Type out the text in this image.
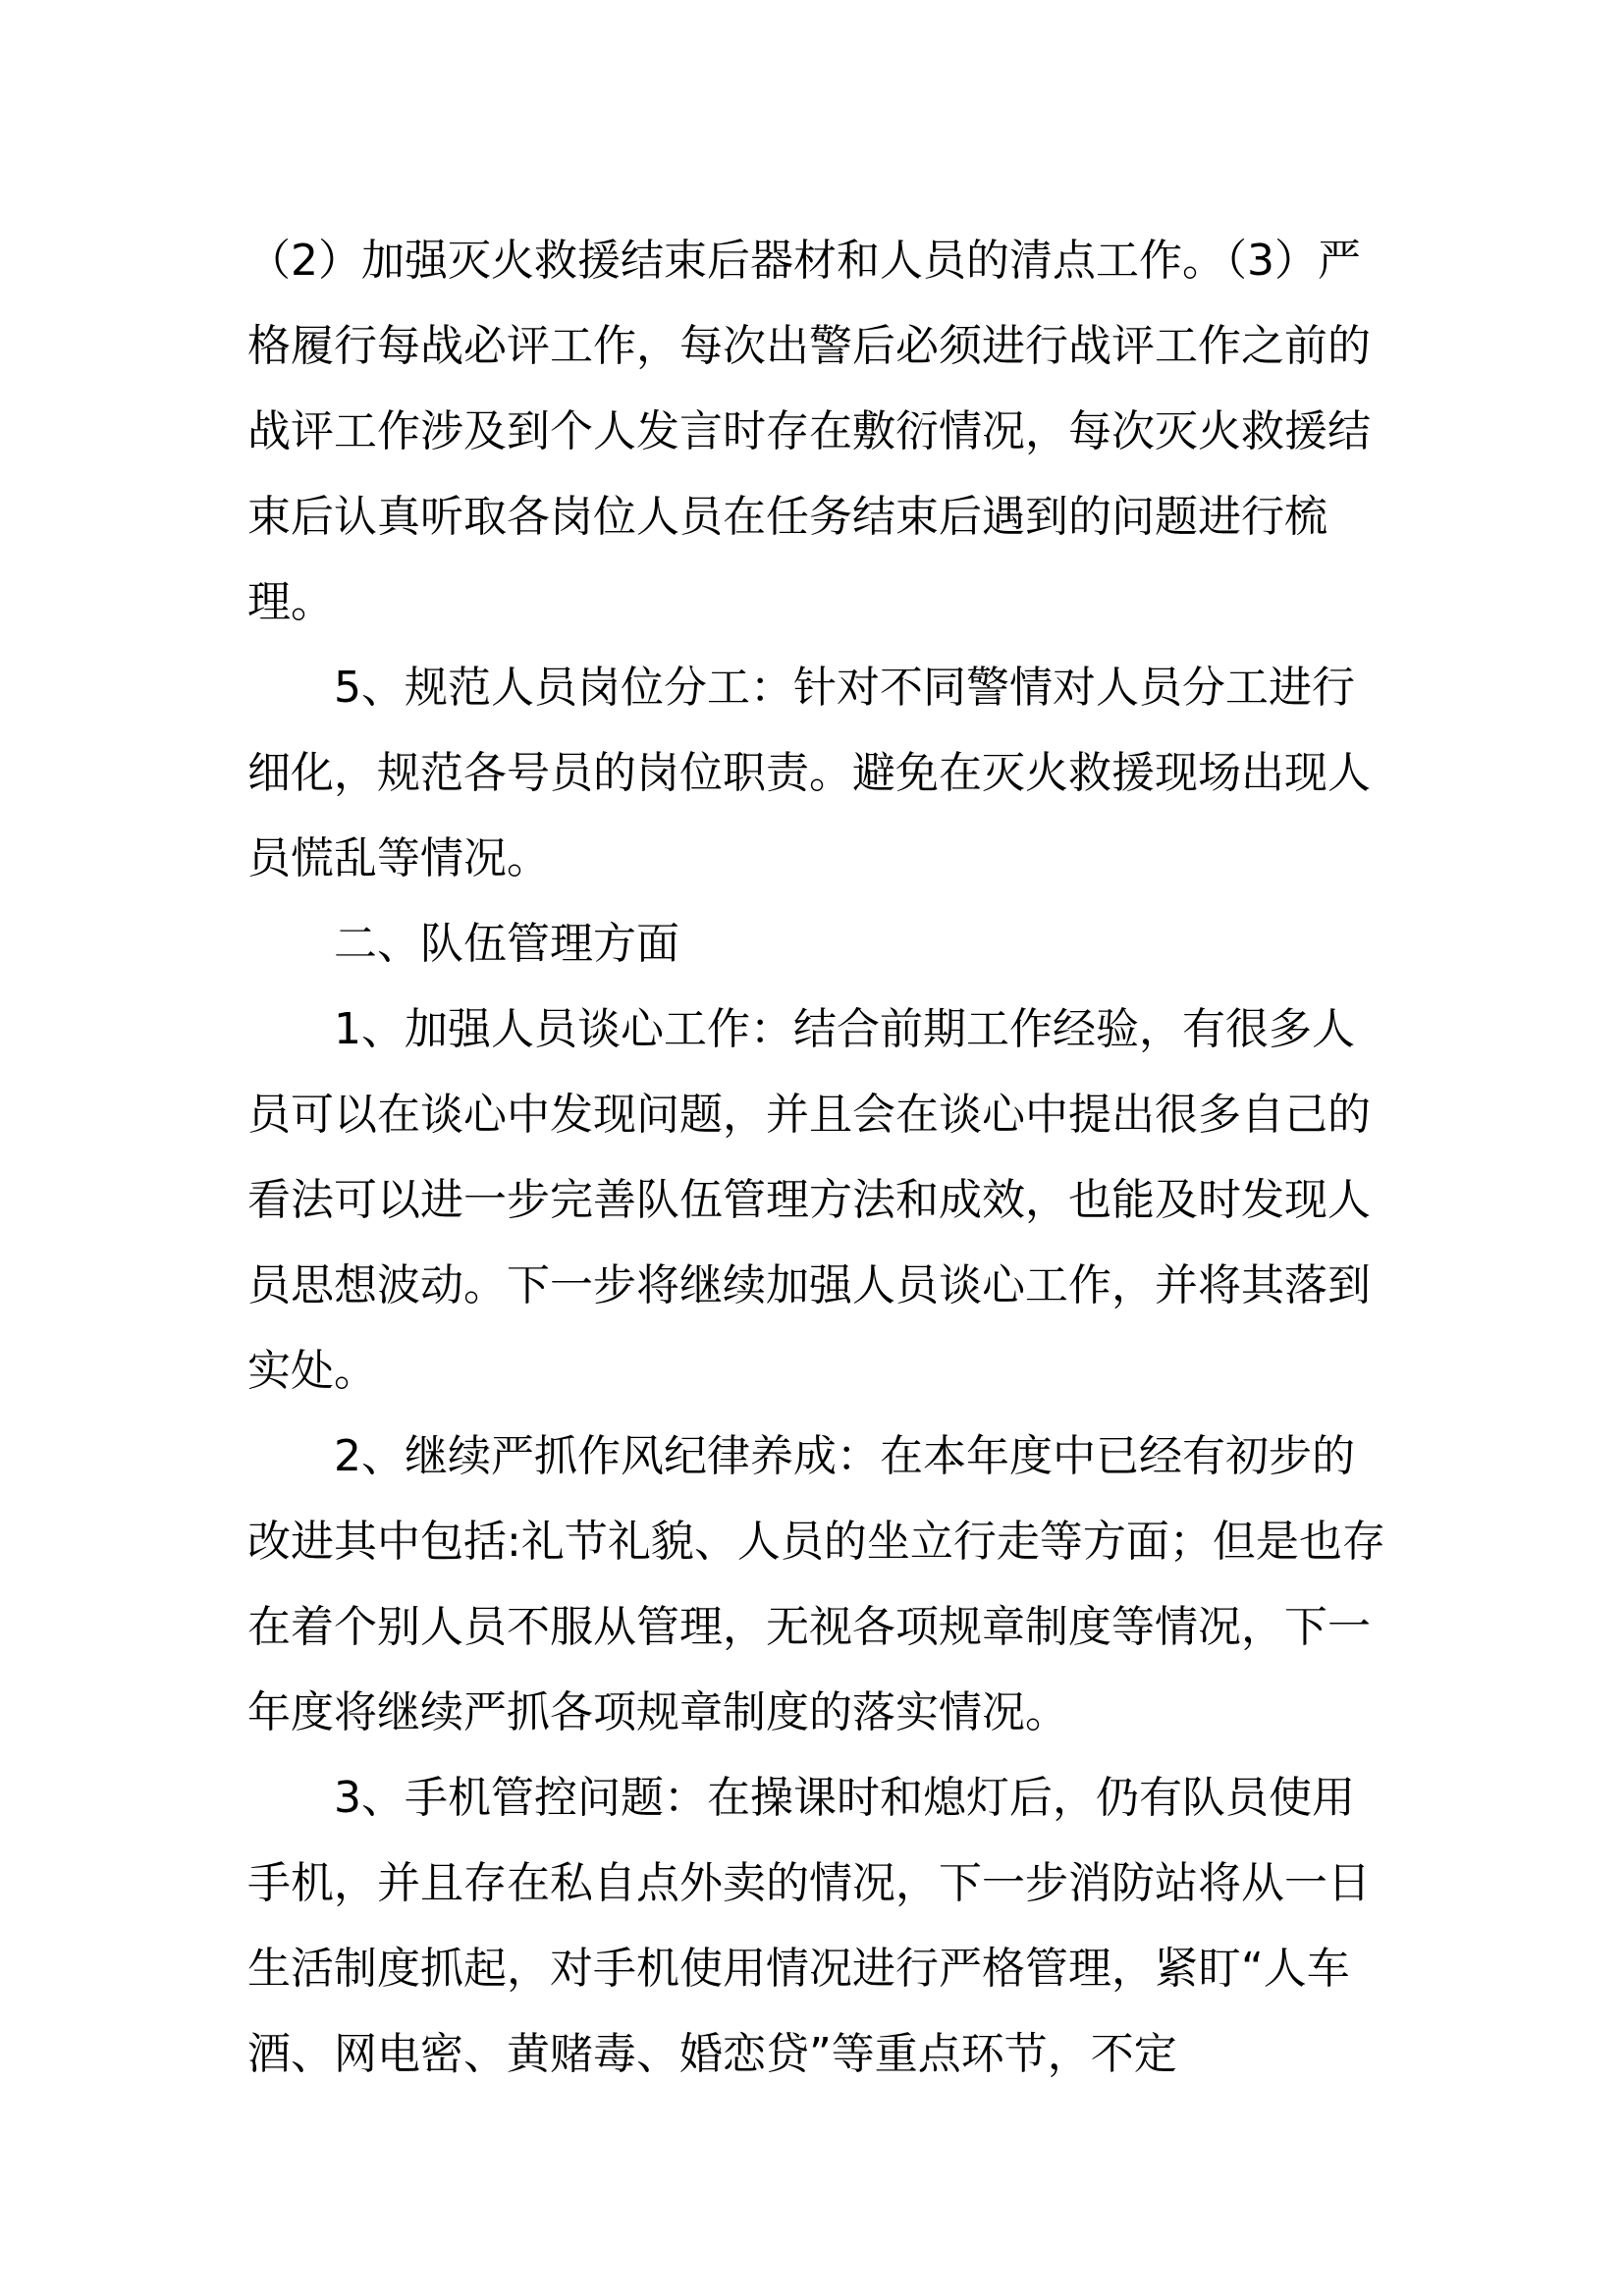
（2）加强灭火救援结束后器材和人员的清点工作。（3）严格履行每战必评工作，每次出警后必须进行战评工作之前的战评工作涉及到个人发言时存在敷衍情况，每次灭火救援结束后认真听取各岗位人员在任务结束后遇到的问题进行梳理。

5、规范人员岗位分工：针对不同警情对人员分工进行细化，规范各号员的岗位职责。避免在灭火救援现场出现人员慌乱等情况。

二、队伍管理方面

1、加强人员谈心工作：结合前期工作经验，有很多人员可以在谈心中发现问题，并且会在谈心中提出很多自己的看法可以进一步完善队伍管理方法和成效，也能及时发现人员思想波动。下一步将继续加强人员谈心工作，并将其落到实处。

2、继续严抓作风纪律养成：在本年度中已经有初步的改进其中包括:礼节礼貌、人员的坐立行走等方面；但是也存在着个别人员不服从管理，无视各项规章制度等情况，下一年度将继续严抓各项规章制度的落实情况。

3、手机管控问题：在操课时和熄灯后，仍有队员使用手机，并且存在私自点外卖的情况，下一步消防站将从一日生活制度抓起，对手机使用情况进行严格管理，紧盯“人车酒、网电密、黄赌毒、婚恋贷”等重点环节，不定
